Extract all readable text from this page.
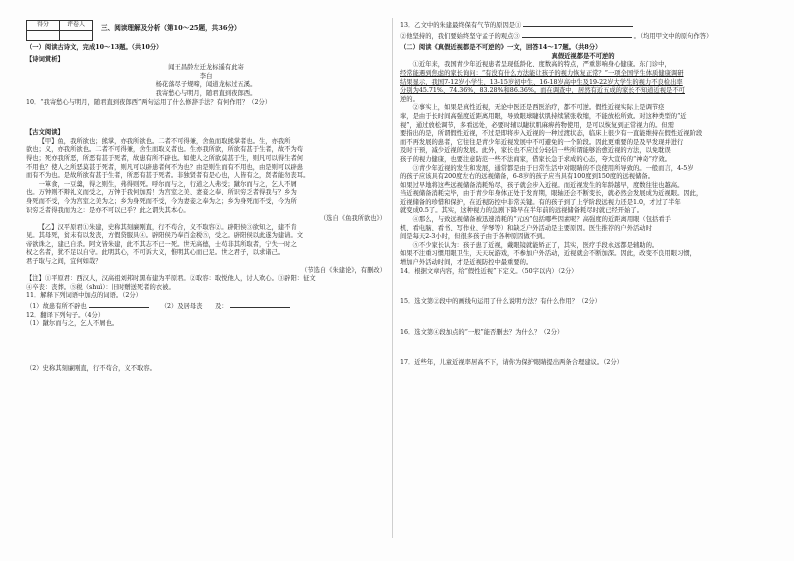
得分	评卷人
	三、阅读理解及分析（第10～25题，共36分）

（一）阅读古诗文，完成10～13题。（共10分）

【诗词赏析】

闻王昌龄左迁龙标遥有此寄

李白

杨花落尽子规啼，闻道龙标过五溪。

我寄愁心与明月，随君直到夜郎西。

10．“我寄愁心与明月，随君直到夜郎西”两句运用了什么修辞手法？有何作用？（2分）

【古文阅读】

【甲】鱼，我所欲也；熊掌，亦我所欲也。二者不可得兼，舍鱼而取熊掌者也。生，亦我所

欲也；义，亦我所欲也。二者不可得兼，舍生而取义者也。生亦我所欲，所欲有甚于生者，故不为苟

得也；死亦我所恶，所恶有甚于死者，故患有所不辟也。如使人之所欲莫甚于生，则凡可以得生者何

不用也？使人之所恶莫甚于死者，则凡可以辟患者何不为也？由是则生而有不用也，由是则可以辟患

而有不为也。是故所欲有甚于生者，所恶有甚于死者。非独贤者有是心也，人皆有之，贤者能勿丧耳。

一箪食，一豆羹，得之则生，弗得则死。呼尔而与之，行道之人弗受；蹴尔而与之，乞人不屑

也。万钟则不辩礼义而受之，万钟于我何加焉！为宫室之美、妻妾之奉、所识穷乏者得我与？乡为

身死而不受，今为宫室之美为之；乡为身死而不受，今为妻妾之奉为之；乡为身死而不受，今为所

识穷乏者得我而为之：是亦不可以已乎？此之谓失其本心。

（选自《鱼我所欲也》）

【乙】汉平原君①朱建，史称其刻廉刚直，行不苟合，义不取容②。辟阳侯③欲知之，建不肯

见。其母死，贫未有以发丧，方假贷服具④。辟阳侯乃奉百金税⑤，受之。辟阳侯以此遂为建请。文

帝欲诛之，建已自杀。阿文皆朱建，此不其志不已一死。世无高德，士苟非其所取者，宁失一时之

权之名者，犹不足以自守。此明其心，不可诉大义，惟明其心而已足。世之君子，以求诸己。

君子取与之间，宜何如哉？

（节选自《朱建论》，有删改）

【注】①平原君：西汉人，汉高祖刘邦时黑布建为平原君。②取容：取悦他人，讨人欢心。③辟阳：征文

④卒丧：丧葬。⑤税（shuì）：旧时赠送死者的衣被。

11．解释下列词语中加点的词语。（2分）

（1）故患有所不辟也	（2）及居母丧　　及：

12．翻译下列句子。（4分）

（1）蹴尔而与之，乞人不屑也。

（2）史称其刻廉刚直，行不苟合，义不取容。

13．乙文中的朱建最终保有气节的原因是①

②他坚持的，我们要始终坚守孟子的观点③	。（均用甲文中的原句作答）

（二）阅读《真假近视都是不可逆的》一文，回答14～17题。（共8分）

真假近视都是不可逆的

①近年来，我国青少年近视患者呈现低龄化、度数高的特点，严重影响身心健康。东门诊中，

经常能遇到焦虑的家长询问：“有没有什么方法能让孩子的视力恢复正常？”一项全国学生体质健康调研

结果显示，我国7-12岁小学生、13-15岁初中生、16-18岁高中生及19-22岁大学生的视力不良检出率

分别为45.71%、74.36%、83.28%和86.36%。而在调查中，居然有近五成的家长不知道近视是不可

逆的。

②事实上，如果是真性近视，无论中医还是西医治疗，都不可逆。假性近视实际上是调节痉

挛，是由于长时间高强度近距离用眼，导致眼球睫状肌持续紧张收缩，不能放松所致。对这种类型的“近

视”，通过放松调节，多看远处，必要时辅以睫状肌麻痹药物使用，是可以恢复到正常视力的。但需

要指出的是，所谓假性近视，不过是即将步入近视的一种过渡状态，临床上很少有一直能维持在假性近视阶段

而不再发展的患者，它往往是青少年近视发展中不可避免的一个阶段。因此更重要的是及早发现并进行

及时干预，减少近视的发展。此外，家长也不应过分轻信一些所谓能够治愈近视的方法，以免耽误

孩子的视力健康，也要注意防范一些不法商家，借家长急于求成的心态，夸大宣传的“神奇”疗效。

③青少年近视的发生和发展，通常都是由于日常生活中对眼睛的不良使用所导致的。一般而言，4-5岁

的孩子应该具有200度左右的远视储备，6-8岁的孩子应当具有100度到150度的远视储备。

如果过早地将这些远视储备消耗殆尽，孩子就会步入近视。而近视发生的年龄越早，度数往往也越高。

当近视储备消耗完毕，由于青少年身体正处于发育期，眼轴还会不断变长，就必然会发展成为近视眼。因此，

近视储备的珍惜和保护，在近视防控中非常关键。有的孩子到了上学阶段远视力还是1.0，才过了半年

就变成0.5了。其实，这种视力的急剧下降早在半年前的远视储备耗尽时就已经开始了。

④那么，与致远视储备被迅速消耗的“元凶”包括哪些因素呢？高强度的近距离用眼（包括看手

机、看电脑、看书、写作业、学琴等）和缺乏户外活动是主要原因。医生推荐的户外活动时

间是每天2-3小时，但很多孩子由于各种原因做不到。

⑤不少家长认为：孩子患了近视，戴眼镜就能矫正了，其实，医疗手段永远都是辅助的。

如果不注重习惯用眼卫生，天天玩游戏，不参加户外活动，近视就会不断加深。因此，改变不良用眼习惯，

增加户外活动时间，才是近视防控中最重要的。

14．根据文章内容，给“假性近视”下定义。（50字以内）（2分）

15．选文第②段中的画线句运用了什么说明方法？有什么作用？（2分）

16．选文第④段加点的“一般”能否删去？为什么？（2分）

17．近些年，儿童近视率居高不下，请你为保护眼睛提出两条合理建议。（2分）
